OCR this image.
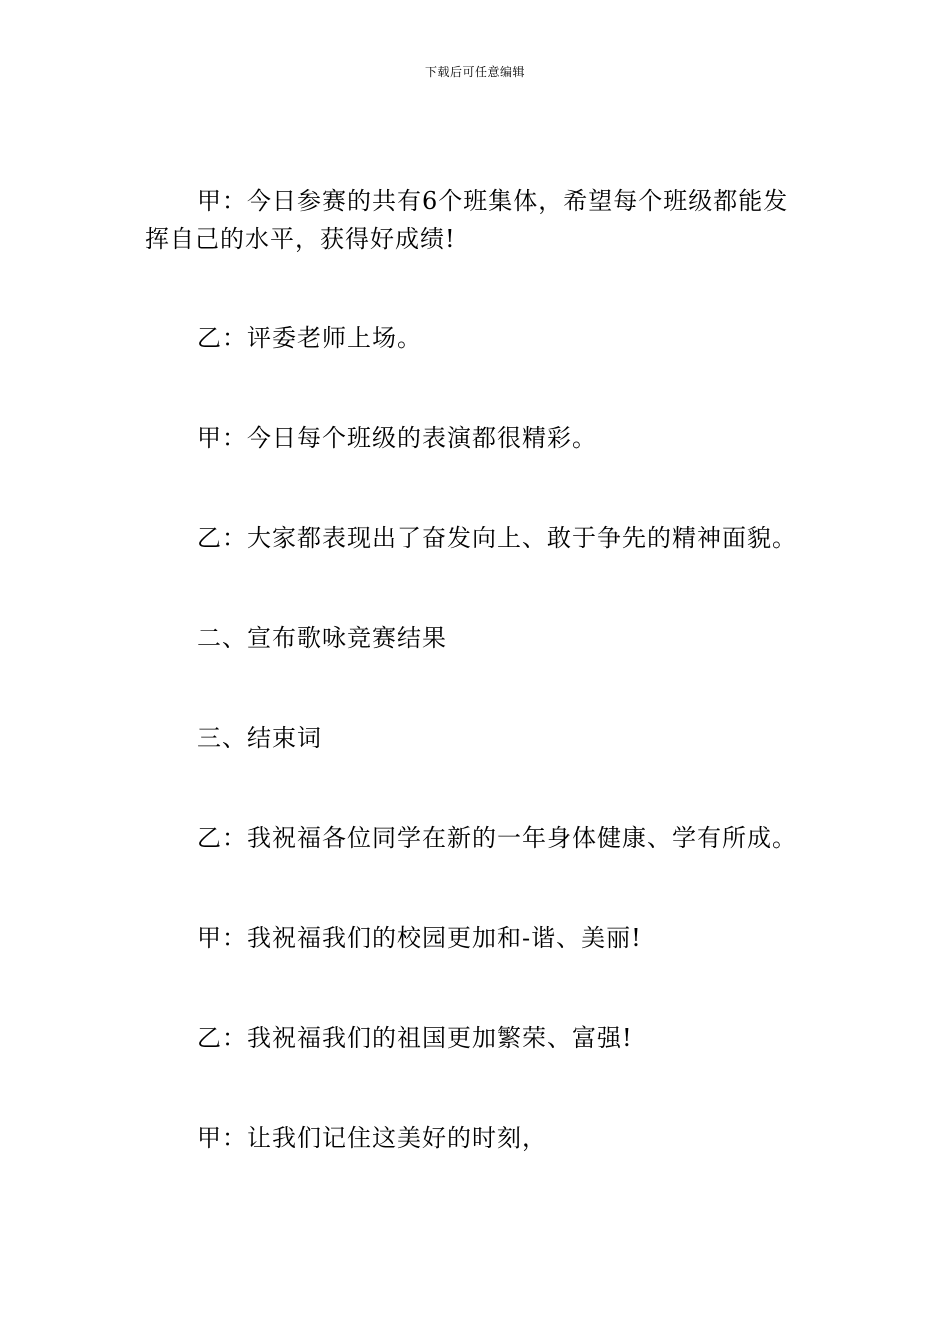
下载后可任意编辑

甲：今日参赛的共有6个班集体，希望每个班级都能发挥自己的水平，获得好成绩!

乙：评委老师上场。

甲：今日每个班级的表演都很精彩。

乙：大家都表现出了奋发向上、敢于争先的精神面貌。

二、宣布歌咏竞赛结果

三、结束词

乙：我祝福各位同学在新的一年身体健康、学有所成。

甲：我祝福我们的校园更加和-谐、美丽!

乙：我祝福我们的祖国更加繁荣、富强!

甲：让我们记住这美好的时刻，
